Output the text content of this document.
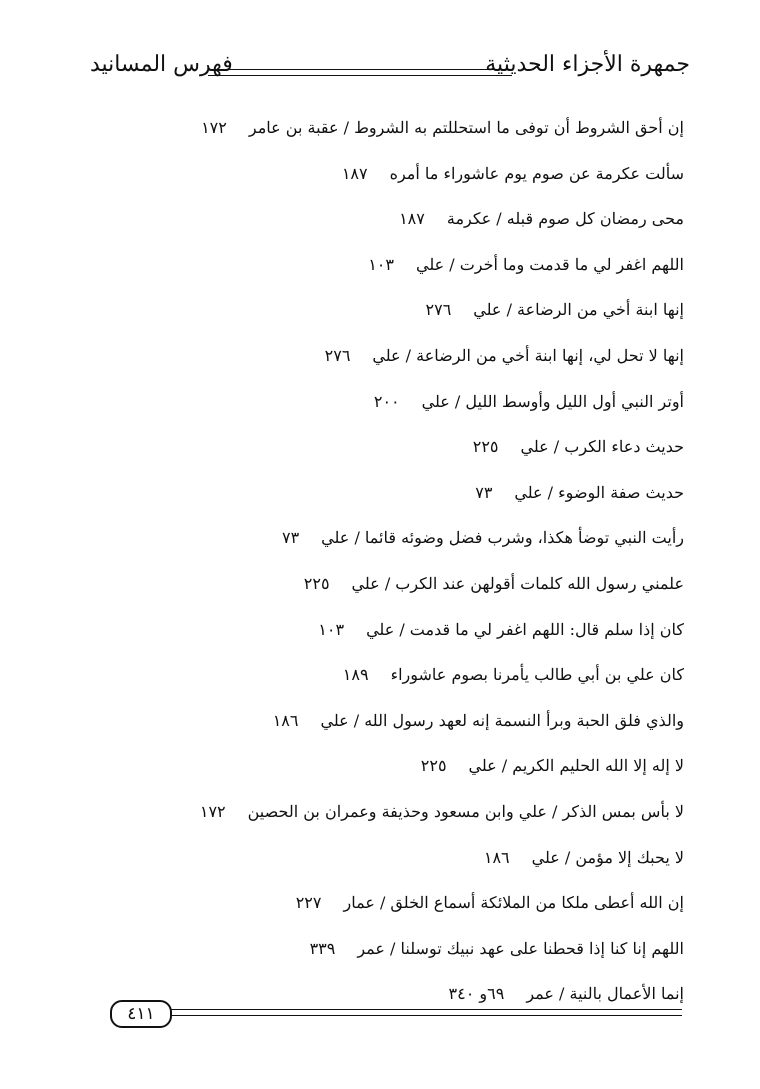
جمهرة الأجزاء الحديثية
فهرس المسانيد
إن أحق الشروط أن توفى ما استحللتم به الشروط / عقبة بن عامر١٧٢
سألت عكرمة عن صوم يوم عاشوراء ما أمره١٨٧
محى رمضان كل صوم قبله / عكرمة١٨٧
اللهم اغفر لي ما قدمت وما أخرت / علي١٠٣
إنها ابنة أخي من الرضاعة / علي٢٧٦
إنها لا تحل لي، إنها ابنة أخي من الرضاعة / علي٢٧٦
أوتر النبي أول الليل وأوسط الليل / علي٢٠٠
حديث دعاء الكرب / علي٢٢٥
حديث صفة الوضوء / علي٧٣
رأيت النبي توضأ هكذا، وشرب فضل وضوئه قائما / علي٧٣
علمني رسول الله كلمات أقولهن عند الكرب / علي٢٢٥
كان إذا سلم قال: اللهم اغفر لي ما قدمت / علي١٠٣
كان علي بن أبي طالب يأمرنا بصوم عاشوراء١٨٩
والذي فلق الحبة وبرأ النسمة إنه لعهد رسول الله / علي١٨٦
لا إله إلا الله الحليم الكريم / علي٢٢٥
لا بأس بمس الذكر / علي وابن مسعود وحذيفة وعمران بن الحصين١٧٢
لا يحبك إلا مؤمن / علي١٨٦
إن الله أعطى ملكا من الملائكة أسماع الخلق / عمار٢٢٧
اللهم إنا كنا إذا قحطنا على عهد نبيك توسلنا / عمر٣٣٩
إنما الأعمال بالنية / عمر٦٩و ٣٤٠
٤١١
